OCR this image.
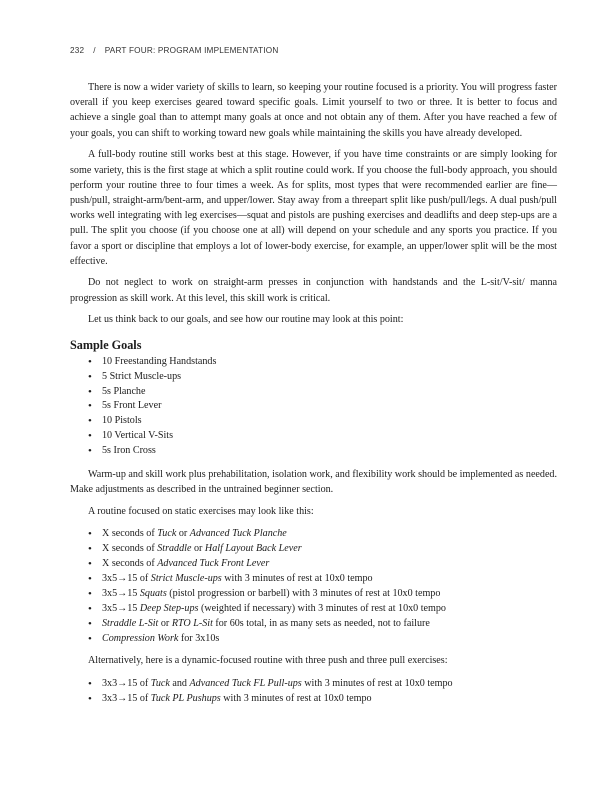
232 / PART FOUR: PROGRAM IMPLEMENTATION

There is now a wider variety of skills to learn, so keeping your routine focused is a priority. You will progress faster overall if you keep exercises geared toward specific goals. Limit yourself to two or three. It is better to focus and achieve a single goal than to attempt many goals at once and not obtain any of them. After you have reached a few of your goals, you can shift to working toward new goals while maintaining the skills you have already developed.

A full-body routine still works best at this stage. However, if you have time constraints or are simply looking for some variety, this is the first stage at which a split routine could work. If you choose the full-body approach, you should perform your routine three to four times a week. As for splits, most types that were recommended earlier are fine—push/pull, straight-arm/bent-arm, and upper/lower. Stay away from a threepart split like push/pull/legs. A dual push/pull works well integrating with leg exercises—squat and pistols are pushing exercises and deadlifts and deep step-ups are a pull. The split you choose (if you choose one at all) will depend on your schedule and any sports you practice. If you favor a sport or discipline that employs a lot of lower-body exercise, for example, an upper/lower split will be the most effective.

Do not neglect to work on straight-arm presses in conjunction with handstands and the L-sit/V-sit/ manna progression as skill work. At this level, this skill work is critical.

Let us think back to our goals, and see how our routine may look at this point:

Sample Goals
• 10 Freestanding Handstands
• 5 Strict Muscle-ups
• 5s Planche
• 5s Front Lever
• 10 Pistols
• 10 Vertical V-Sits
• 5s Iron Cross

Warm-up and skill work plus prehabilitation, isolation work, and flexibility work should be implemented as needed. Make adjustments as described in the untrained beginner section.

A routine focused on static exercises may look like this:

• X seconds of Tuck or Advanced Tuck Planche
• X seconds of Straddle or Half Layout Back Lever
• X seconds of Advanced Tuck Front Lever
• 3x5→15 of Strict Muscle-ups with 3 minutes of rest at 10x0 tempo
• 3x5→15 Squats (pistol progression or barbell) with 3 minutes of rest at 10x0 tempo
• 3x5→15 Deep Step-ups (weighted if necessary) with 3 minutes of rest at 10x0 tempo
• Straddle L-Sit or RTO L-Sit for 60s total, in as many sets as needed, not to failure
• Compression Work for 3x10s

Alternatively, here is a dynamic-focused routine with three push and three pull exercises:

• 3x3→15 of Tuck and Advanced Tuck FL Pull-ups with 3 minutes of rest at 10x0 tempo
• 3x3→15 of Tuck PL Pushups with 3 minutes of rest at 10x0 tempo
